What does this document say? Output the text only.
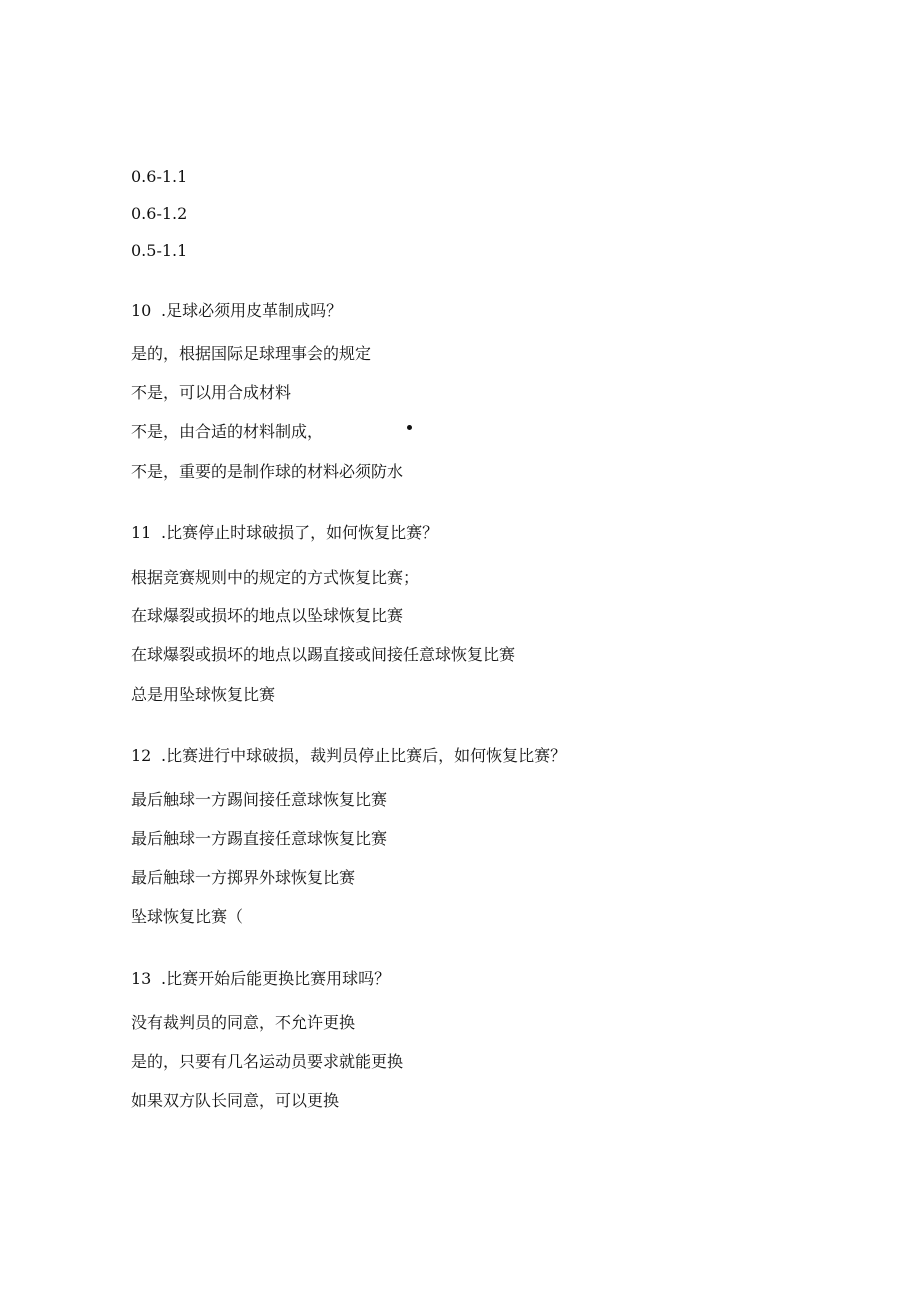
0.6-1.1
0.6-1.2
0.5-1.1
10 .足球必须用皮革制成吗？
是的，根据国际足球理事会的规定
不是，可以用合成材料
不是，由合适的材料制成，
不是，重要的是制作球的材料必须防水
11 .比赛停止时球破损了，如何恢复比赛？
根据竞赛规则中的规定的方式恢复比赛；
在球爆裂或损坏的地点以坠球恢复比赛
在球爆裂或损坏的地点以踢直接或间接任意球恢复比赛
总是用坠球恢复比赛
12 .比赛进行中球破损，裁判员停止比赛后，如何恢复比赛？
最后触球一方踢间接任意球恢复比赛
最后触球一方踢直接任意球恢复比赛
最后触球一方掷界外球恢复比赛
坠球恢复比赛（
13 .比赛开始后能更换比赛用球吗？
没有裁判员的同意，不允许更换
是的，只要有几名运动员要求就能更换
如果双方队长同意，可以更换
